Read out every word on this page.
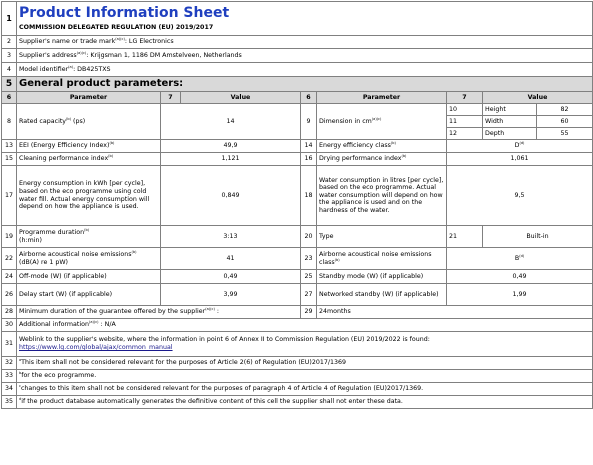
1	Product Information Sheet
COMMISSION DELEGATED REGULATION (EU) 2019/2017							

2	Supplier's name or trade mark$^{(a)(c)}$: LG Electronics							
3	Supplier's address$^{(a)(c)}$: Krijgsman 1, 1186 DM Amstelveen, Netherlands							
4	Model identifier$^{(a)}$: DB425TXS							
5	General product parameters:							
6	Parameter	7	Value	6	Parameter	7	Value	
8	Rated capacity$^{(b)}$ (ps)	14		9	Dimension in $cm^{(a)(c)}$	10	Height	82
						11	Width	60
						12	Depth	55
13	EEI (Energy Efficiency Index)$^{(b)}$	49,9		14	Energy efficiency class$^{(b)}$	$D^{(d)}$
15	Cleaning performance index$^{(b)}$	1,121		16	Drying performance index$^{(b)}$	1,061		
17	Energy consumption in kWh [per cycle], based on the eco programme using cold water fill. Actual energy consumption will depend on how the appliance is used.	0,849		18	Water consumption in litres [per cycle], based on the eco programme. Actual water consumption will depend on how the appliance is used and on the hardness of the water.	9,5		
19	Programme duration$^{(b)}$
(h:min)	3:13		20	Type	21	Built-in	
22	Airborne acoustical noise emissions$^{(b)}$
(dB(A) re 1 pW)	41		23	Airborne acoustical noise emissions class$^{(b)}$	$B^{(d)}$
24	Off-mode (W) (if applicable)	0,49		25	Standby mode (W) (if applicable)	0,49		
26	Delay start (W) (if applicable)	3,99		27	Networked standby (W) (if applicable)	1,99		
28	Minimum duration of the guarantee offered by the supplier$^{(a)(c)}$ :			29	24months			
30	Additional information$^{(a)(c)}$ : N/A							
31	Weblink to the supplier's website, where the information in point 6 of Annex II to Commission Regulation (EU) 2019/2022 is found:
https://www.lg.com/global/ajax/common_manual							
32	$^a$This item shall not be considered relevant for the purposes of Article 2(6) of Regulation (EU)2017/1369							
33	$^b$for the eco programme.							
34	$^c$changes to this item shall not be considered relevant for the purposes of paragraph 4 of Article 4 of Regulation (EU)2017/1369.							
35	$^d$if the product database automatically generates the definitive content of this cell the supplier shall not enter these data.							
